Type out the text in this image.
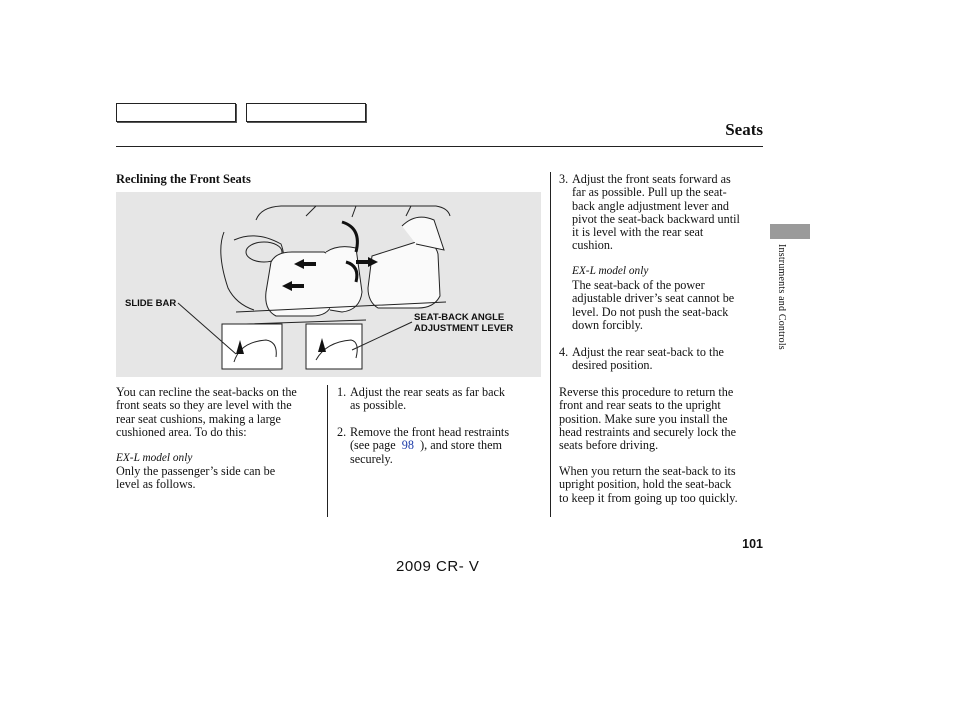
Seats
Instruments and Controls
Reclining the Front Seats
SLIDE BAR
SEAT-BACK ANGLE
ADJUSTMENT LEVER
You can recline the seat-backs on the
front seats so they are level with the
rear seat cushions, making a large
cushioned area. To do this:
EX-L model only
Only the passenger’s side can be
level as follows.
1. Adjust the rear seats as far back
as possible.
2. Remove the front head restraints
(see page 98 ), and store them
securely.
3. Adjust the front seats forward as
far as possible. Pull up the seat-
back angle adjustment lever and
pivot the seat-back backward until
it is level with the rear seat
cushion.
EX-L model only
The seat-back of the power
adjustable driver’s seat cannot be
level. Do not push the seat-back
down forcibly.
4. Adjust the rear seat-back to the
desired position.
Reverse this procedure to return the
front and rear seats to the upright
position. Make sure you install the
head restraints and securely lock the
seats before driving.
When you return the seat-back to its
upright position, hold the seat-back
to keep it from going up too quickly.
101
2009 CR- V
